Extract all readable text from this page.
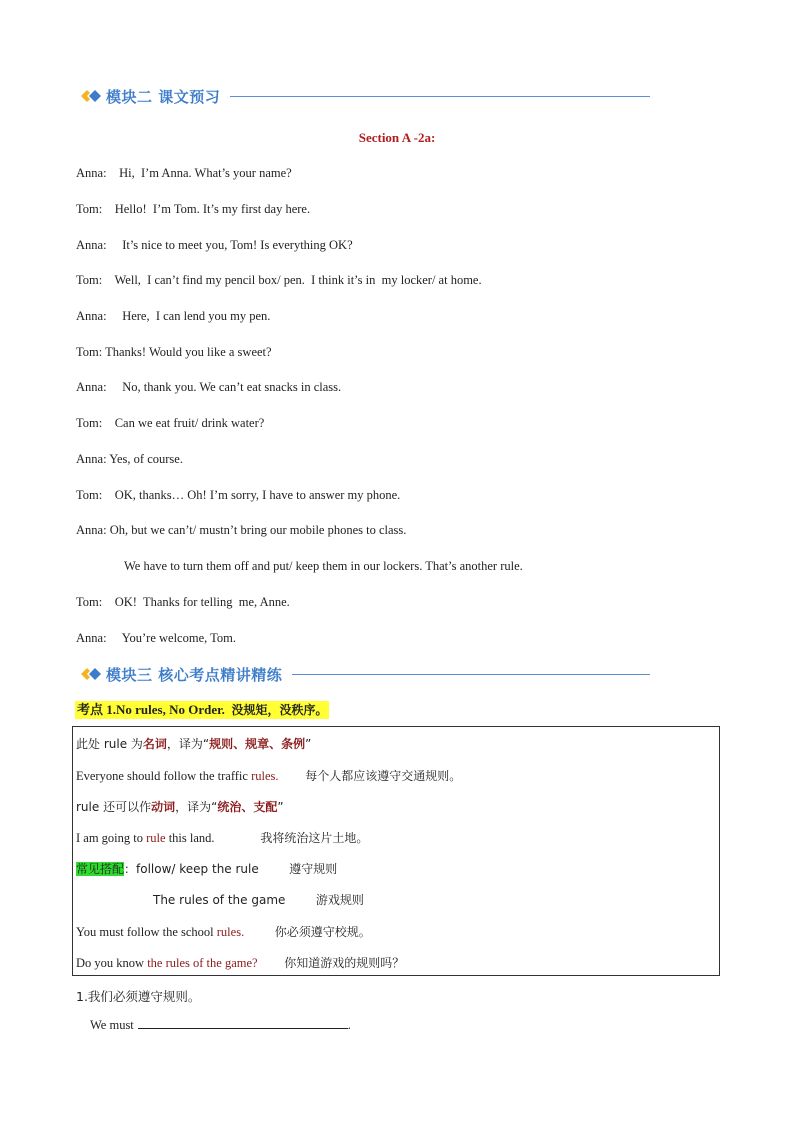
模块二 课文预习
Section A -2a:
Anna: Hi,  I’m Anna. What’s your name?
Tom: Hello!  I’m Tom. It’s my first day here.
Anna: It’s nice to meet you, Tom! Is everything OK?
Tom: Well,  I can’t find my pencil box/ pen.  I think it’s in  my locker/ at home.
Anna: Here,  I can lend you my pen.
Tom: Thanks! Would you like a sweet?
Anna: No, thank you. We can’t eat snacks in class.
Tom: Can we eat fruit/ drink water?
Anna: Yes, of course.
Tom: OK, thanks… Oh! I’m sorry, I have to answer my phone.
Anna: Oh, but we can’t/ mustn’t bring our mobile phones to class.
We have to turn them off and put/ keep them in our lockers. That’s another rule.
Tom: OK!  Thanks for telling  me, Anne.
Anna: You’re welcome, Tom.
模块三 核心考点精讲精练
考点 1.No rules, No Order. 没规矩，没秩序。
此处 rule 为名词，译为“规则、规章、条例”
Everyone should follow the traffic rules.       每个人都应该遵守交通规则。
rule 还可以作动词，译为“统治、支配”
I am going to rule this land.            我将统治这片土地。
常见搭配：follow/ keep the rule        遵守规则
The rules of the game        游戏规则
You must follow the school rules.        你必须遵守校规。
Do you know the rules of the game?       你知道游戏的规则吗？
1.我们必须遵守规则。
We must	.
